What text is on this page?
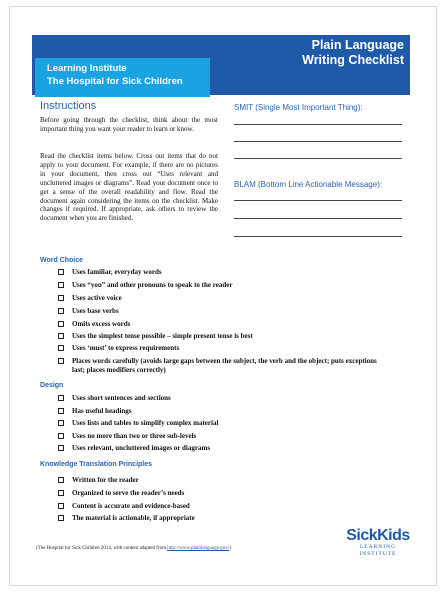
Plain Language
Writing Checklist
Learning Institute
The Hospital for Sick Children
Instructions

Before going through the checklist, think about the most important thing you want your reader to learn or know.

Read the checklist items below. Cross out items that do not apply to your document. For example, if there are no pictures in your document, then cross out “Uses relevant and uncluttered images or diagrams”. Read your document once to get a sense of the overall readability and flow. Read the document again considering the items on the checklist. Make changes if required. If appropriate, ask others to review the document when you are finished.

SMIT (Single Most Important Thing):
BLAM (Bottom Line Actionable Message):
Word Choice
Uses familiar, everyday words
Uses “you” and other pronouns to speak to the reader
Uses active voice
Uses base verbs
Omits excess words
Uses the simplest tense possible – simple present tense is best
Uses ‘must’ to express requirements
Places words carefully (avoids large gaps between the subject, the verb and the object; puts exceptions last; places modifiers correctly)
Design
Uses short sentences and sections
Has useful headings
Uses lists and tables to simplify complex material
Uses no more than two or three sub-levels
Uses relevant, uncluttered images or diagrams
Knowledge Translation Principles
Written for the reader
Organized to serve the reader’s needs
Content is accurate and evidence-based
The material is actionable, if appropriate
(The Hospital for Sick Children 2014, with content adapted from http://www.plainlanguage.gov/)
SickKids
LEARNING
INSTITUTE
